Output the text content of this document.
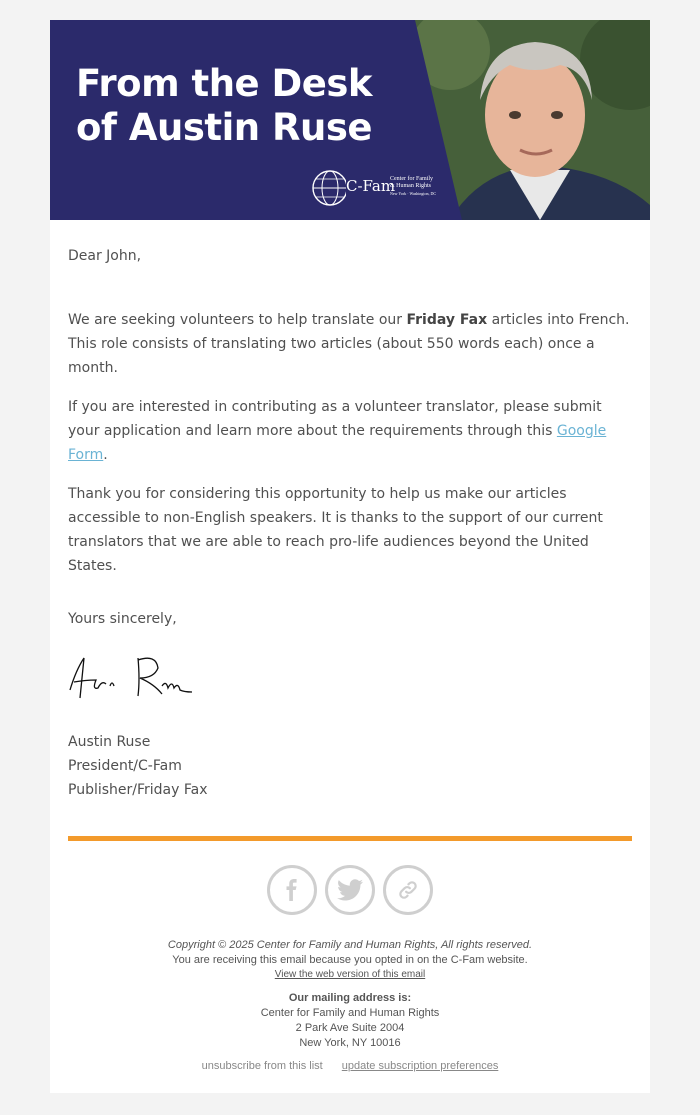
From the Desk
of Austin Ruse
C-Fam
Center for Family
& Human Rights
New York · Washington, DC

Dear John,

We are seeking volunteers to help translate our Friday Fax articles into French. This role consists of translating two articles (about 550 words each) once a month.

If you are interested in contributing as a volunteer translator, please submit your application and learn more about the requirements through this Google Form.

Thank you for considering this opportunity to help us make our articles accessible to non-English speakers. It is thanks to the support of our current translators that we are able to reach pro-life audiences beyond the United States.

Yours sincerely,

Austin Ruse
President/C-Fam
Publisher/Friday Fax
Copyright © 2025 Center for Family and Human Rights, All rights reserved.
You are receiving this email because you opted in on the C-Fam website.
View the web version of this email
Our mailing address is:
Center for Family and Human Rights
2 Park Ave Suite 2004
New York, NY 10016
unsubscribe from this list update subscription preferences
